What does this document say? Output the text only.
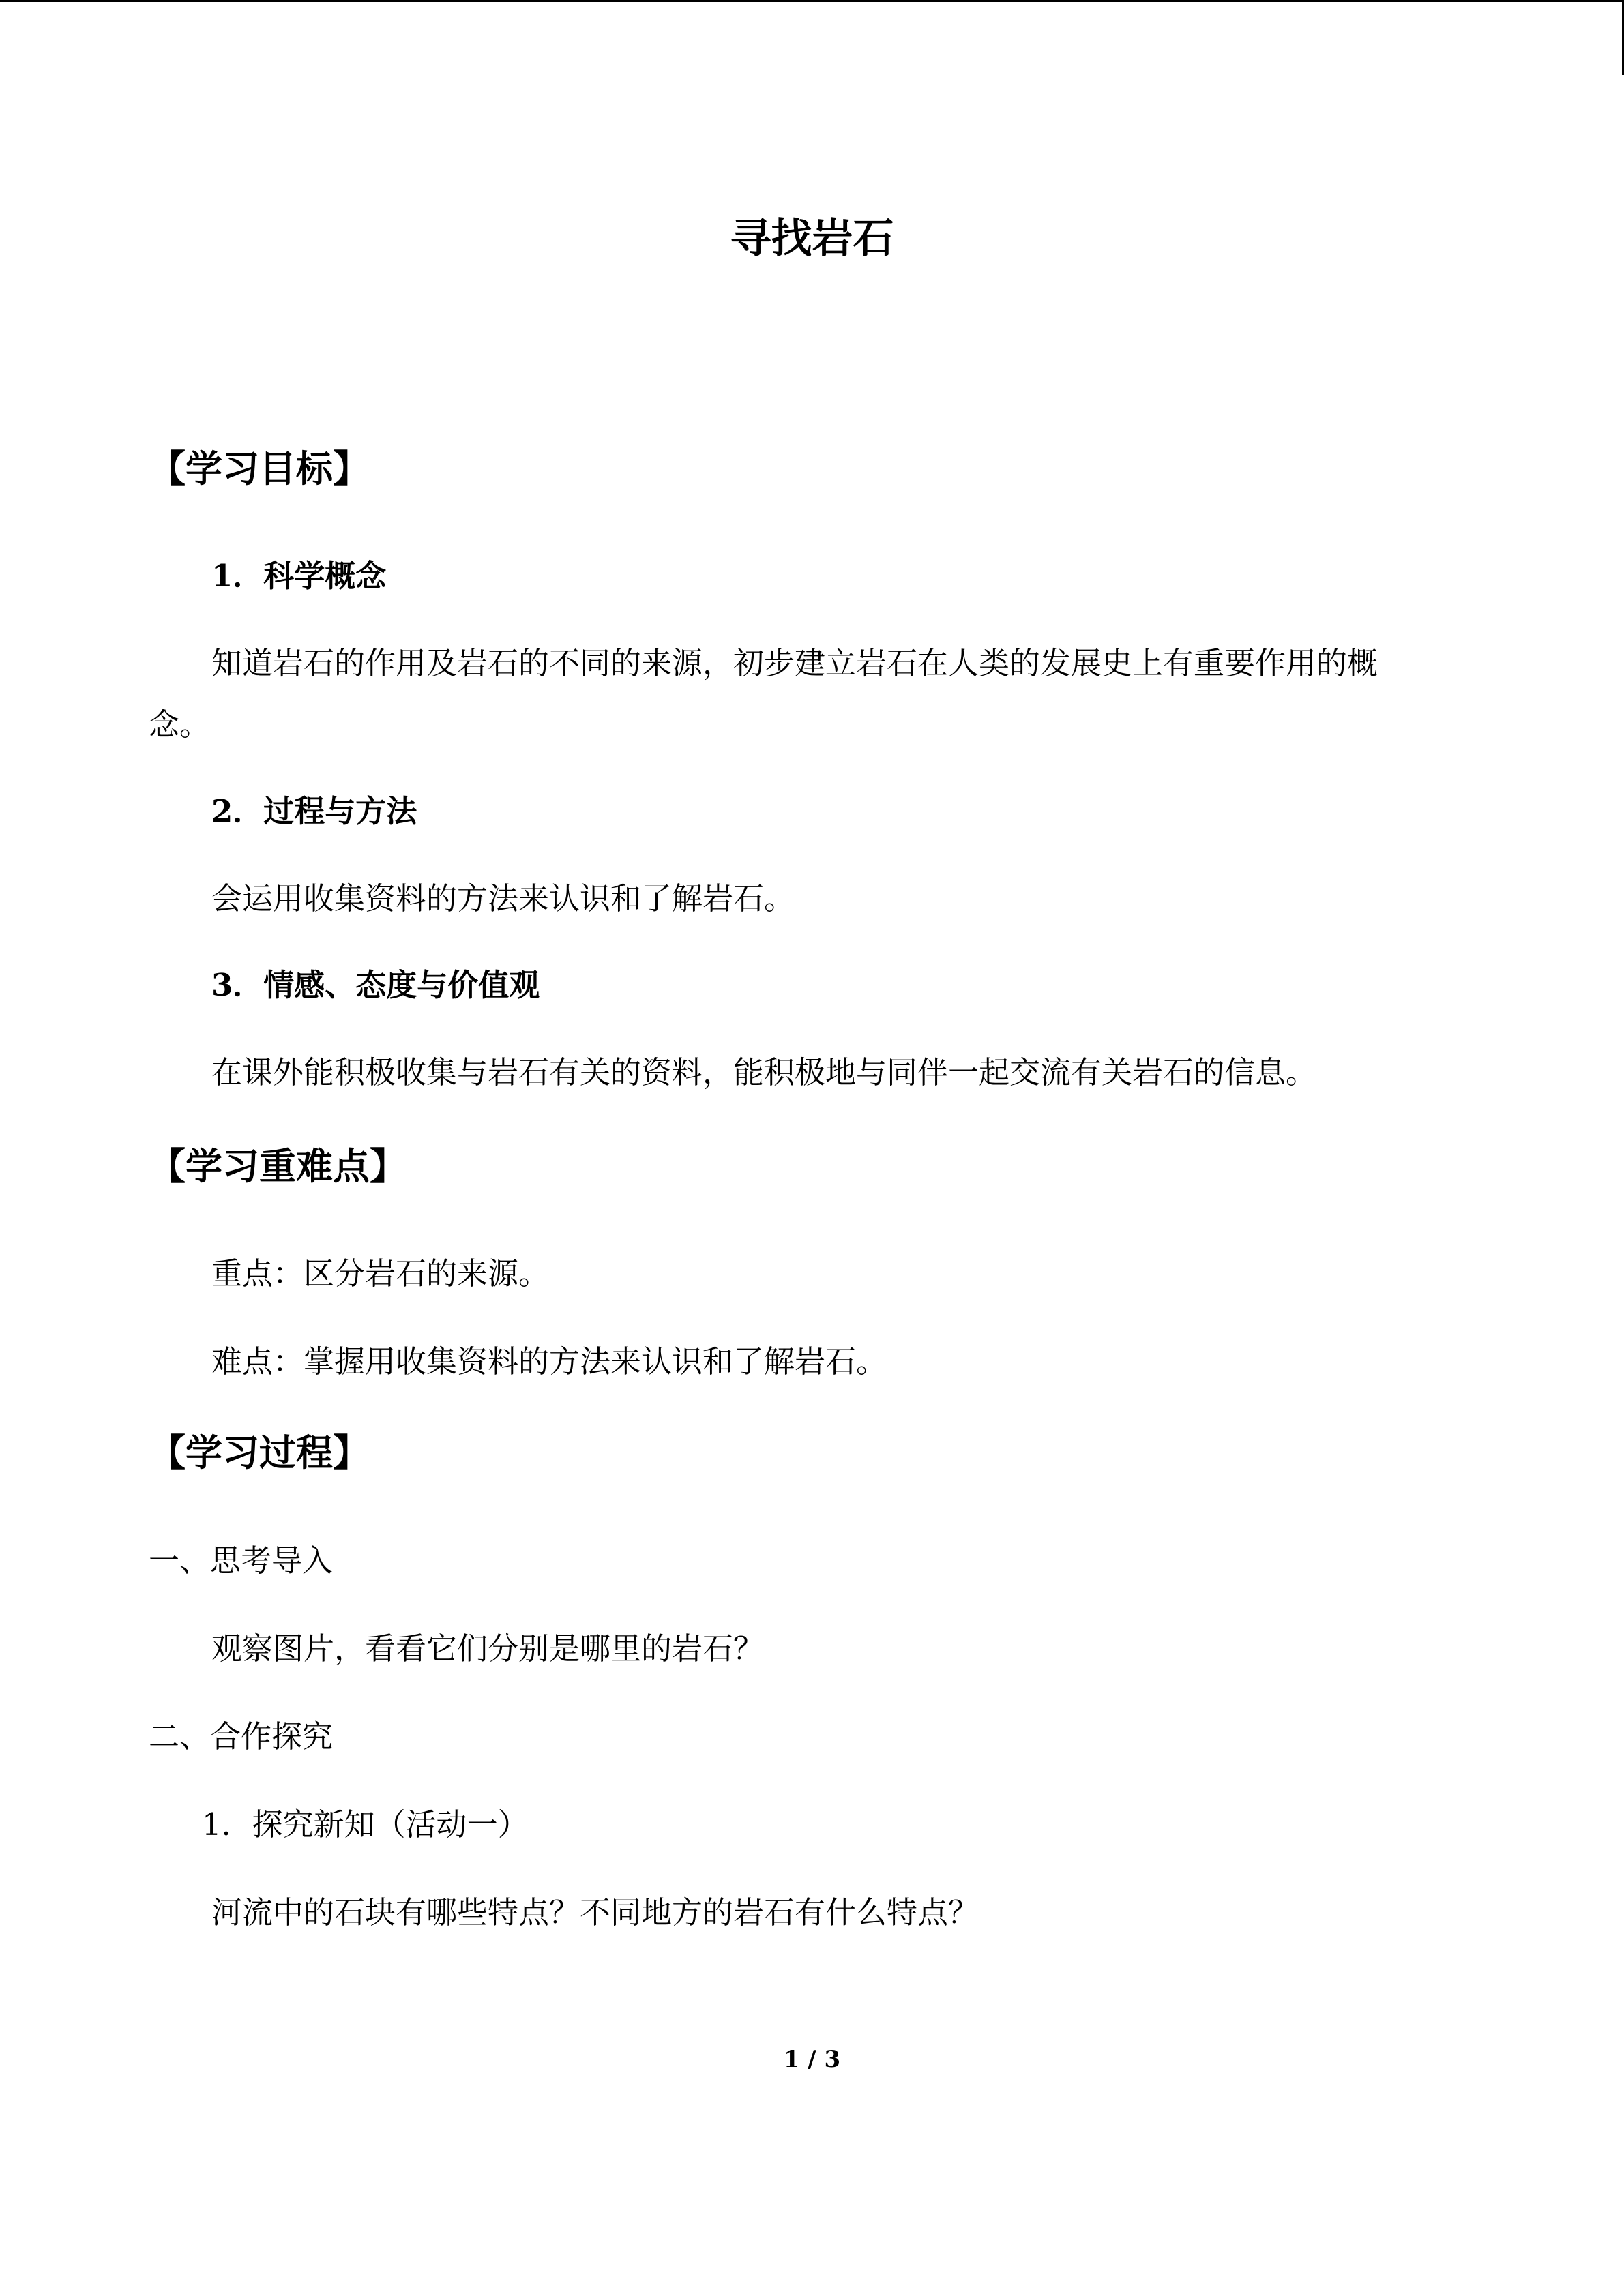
寻找岩石
【学习目标】
1．科学概念
知道岩石的作用及岩石的不同的来源，初步建立岩石在人类的发展史上有重要作用的概
念。
2．过程与方法
会运用收集资料的方法来认识和了解岩石。
3．情感、态度与价值观
在课外能积极收集与岩石有关的资料，能积极地与同伴一起交流有关岩石的信息。
【学习重难点】
重点：区分岩石的来源。
难点：掌握用收集资料的方法来认识和了解岩石。
【学习过程】
一、思考导入
观察图片，看看它们分别是哪里的岩石？
二、合作探究
1．探究新知（活动一）
河流中的石块有哪些特点？不同地方的岩石有什么特点？
1 / 3
